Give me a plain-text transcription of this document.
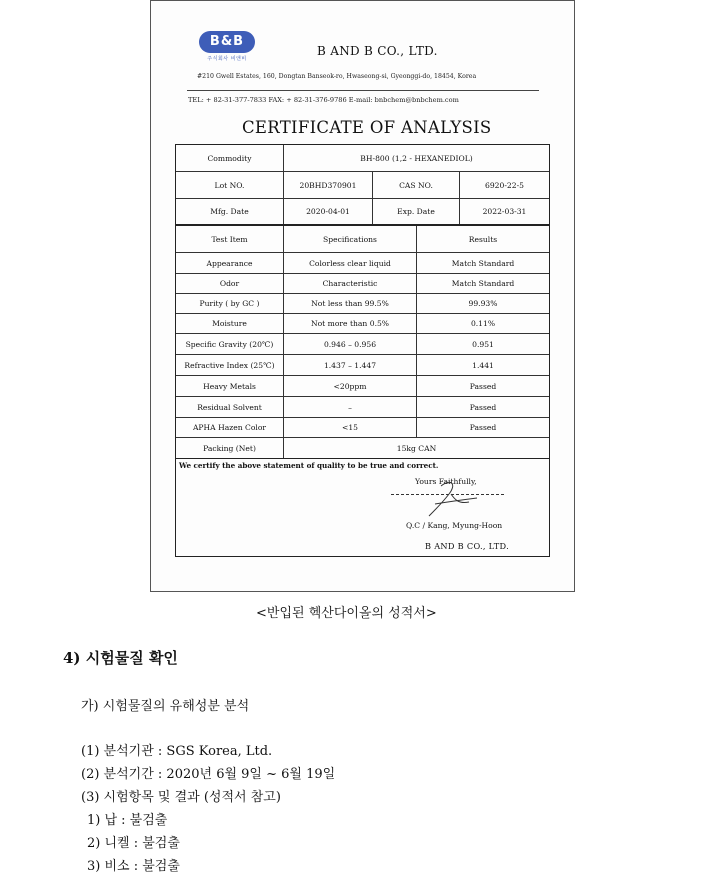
B&B
주식회사 비앤비
B AND B CO., LTD.
#210 Gwell Estates, 160, Dongtan Banseok-ro, Hwaseong-si, Gyeonggi-do, 18454, Korea
TEL: + 82-31-377-7833 FAX: + 82-31-376-9786 E-mail: bnbchem@bnbchem.com
CERTIFICATE OF ANALYSIS
Commodity	BH-800 (1,2 - HEXANEDIOL)
Lot NO.	20BHD370901	CAS NO.	6920-22-5
Mfg. Date	2020-04-01	Exp. Date	2022-03-31
Test Item	Specifications	Results
Appearance	Colorless clear liquid	Match Standard
Odor	Characteristic	Match Standard
Purity ( by GC )	Not less than 99.5%	99.93%
Moisture	Not more than 0.5%	0.11%
Specific Gravity (20℃)	0.946 – 0.956	0.951
Refractive Index (25℃)	1.437 – 1.447	1.441
Heavy Metals	<20ppm	Passed
Residual Solvent	–	Passed
APHA Hazen Color	<15	Passed
Packing (Net)	15kg CAN
We certify the above statement of quality to be true and correct.
Yours Faithfully,
Q.C / Kang, Myung-Hoon
B AND B CO., LTD.
<반입된 헥산다이올의 성적서>
4) 시험물질 확인
가) 시험물질의 유해성분 분석
(1) 분석기관 : SGS Korea, Ltd.
(2) 분석기간 : 2020년 6월 9일 ~ 6월 19일
(3) 시험항목 및 결과 (성적서 참고)
1) 납 : 불검출
2) 니켈 : 불검출
3) 비소 : 불검출
